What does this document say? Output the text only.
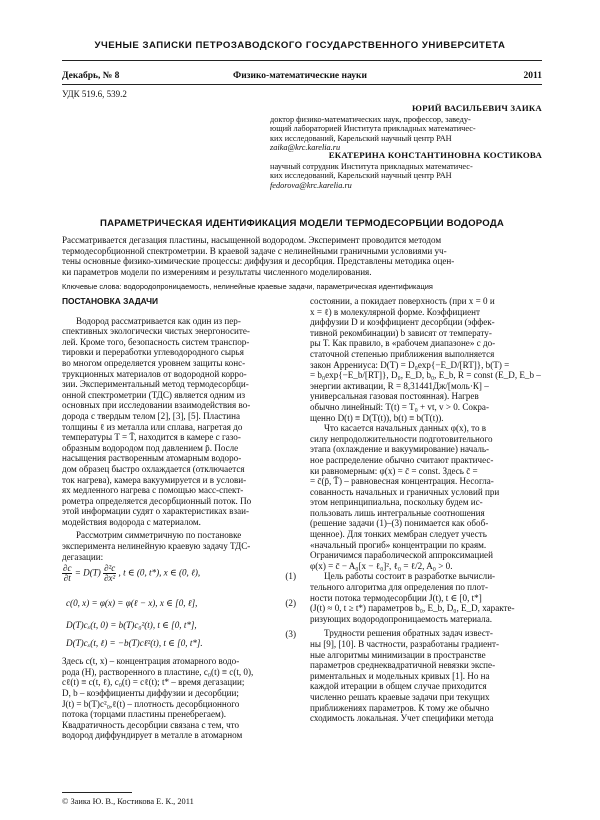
УЧЕНЫЕ ЗАПИСКИ ПЕТРОЗАВОДСКОГО ГОСУДАРСТВЕННОГО УНИВЕРСИТЕТА
Декабрь, № 8	Физико-математические науки	2011
УДК 519.6, 539.2
ЮРИЙ ВАСИЛЬЕВИЧ ЗАИКА
доктор физико-математических наук, профессор, заведу-
ющий лабораторией Института прикладных математичес-
ких исследований, Карельский научный центр РАН
zaika@krc.karelia.ru
ЕКАТЕРИНА КОНСТАНТИНОВНА КОСТИКОВА
научный сотрудник Института прикладных математичес-
ких исследований, Карельский научный центр РАН
fedorova@krc.karelia.ru
ПАРАМЕТРИЧЕСКАЯ ИДЕНТИФИКАЦИЯ МОДЕЛИ ТЕРМОДЕСОРБЦИИ ВОДОРОДА
Рассматривается дегазация пластины, насыщенной водородом. Эксперимент проводится методом
термодесорбционной спектрометрии. В краевой задаче с нелинейными граничными условиями уч-
тены основные физико-химические процессы: диффузия и десорбция. Представлены методика оцен-
ки параметров модели по измерениям и результаты численного моделирования.
Ключевые слова: водородопроницаемость, нелинейные краевые задачи, параметрическая идентификация
ПОСТАНОВКА ЗАДАЧИ
Водород рассматривается как один из пер-
спективных экологически чистых энергоносите-
лей. Кроме того, безопасность систем транспор-
тировки и переработки углеводородного сырья
во многом определяется уровнем защиты конс-
трукционных материалов от водородной корро-
зии. Экспериментальный метод термодесорбци-
онной спектрометрии (ТДС) является одним из
основных при исследовании взаимодействия во-
дорода с твердым телом [2], [3], [5]. Пластина
толщины ℓ из металла или сплава, нагретая до
температуры T = T̄, находится в камере с газо-
образным водородом под давлением p̄. После
насыщения растворенным атомарным водоро-
дом образец быстро охлаждается (отключается
ток нагрева), камера вакуумируется и в услови-
ях медленного нагрева с помощью масс-спект-
рометра определяется десорбционный поток. По
этой информации судят о характеристиках взаи-
модействия водорода с материалом.
Рассмотрим симметричную по постановке
эксперимента нелинейную краевую задачу ТДС-
дегазации:
$\frac{\partial c}{\partial t} = D(T) \frac{\text{∂²c}}{\text{∂x²}}$ , t ∈ (0, t*), x ∈ (0, ℓ),	(1)
c(0, x) = φ(x) = φ(ℓ − x), x ∈ [0, ℓ],	(2)
D(T)cₓ(t, 0) = b(T)c₀²(t), t ∈ [0, t*],
D(T)cₓ(t, ℓ) = −b(T)cℓ²(t), t ∈ [0, t*].
(3)
Здесь c(t, x) – концентрация атомарного водо-
рода (H), растворенного в пластине, c₀(t) ≡ c(t, 0),
cℓ(t) ≡ c(t, ℓ), c₀(t) = cℓ(t); t* – время дегазации;
D, b – коэффициенты диффузии и десорбции;
J(t) = b(T)c²₀,ℓ(t) – плотность десорбционного
потока (торцами пластины пренебрегаем).
Квадратичность десорбции связана с тем, что
водород диффундирует в металле в атомарном
состоянии, а покидает поверхность (при x = 0 и
x = ℓ) в молекулярной форме. Коэффициент
диффузии D и коэффициент десорбции (эффек-
тивной рекомбинации) b зависят от температу-
ры T. Как правило, в «рабочем диапазоне» с до-
статочной степенью приближения выполняется
закон Аррениуса: D(T) = D₀exp{−E_D/[RT]}, b(T) =
= b₀exp{−E_b/[RT]}, D₀, E_D, b₀, E_b, R = const (E_D, E_b –
энергии активации, R = 8,31441Дж/[моль·К] –
универсальная газовая постоянная). Нагрев
обычно линейный: T(t) = T₀ + vt, v > 0. Сокра-
щенно D(t) ≡ D(T(t)), b(t) ≡ b(T(t)).
Что касается начальных данных φ(x), то в
силу непродолжительности подготовительного
этапа (охлаждение и вакуумирование) началь-
ное распределение обычно считают практичес-
ки равномерным: φ(x) = c̄ = const. Здесь c̄ =
= c̄(p̄, T̄) – равновесная концентрация. Несогла-
сованность начальных и граничных условий при
этом непринципиальна, поскольку будем ис-
пользовать лишь интегральные соотношения
(решение задачи (1)–(3) понимается как обоб-
щенное). Для тонких мембран следует учесть
«начальный прогиб» концентрации по краям.
Ограничимся параболической аппроксимацией
φ(x) = c̄ − A₀[x − ℓ₀]², ℓ₀ = ℓ/2, A₀ > 0.
Цель работы состоит в разработке вычисли-
тельного алгоритма для определения по плот-
ности потока термодесорбции J(t), t ∈ [0, t*]
(J(t) ≈ 0, t ≥ t*) параметров b₀, E_b, D₀, E_D, характе-
ризующих водородопроницаемость материала.
Трудности решения обратных задач извест-
ны [9], [10]. В частности, разработаны градиент-
ные алгоритмы минимизации в пространстве
параметров среднеквадратичной невязки экспе-
риментальных и модельных кривых [1]. Но на
каждой итерации в общем случае приходится
численно решать краевые задачи при текущих
приближениях параметров. К тому же обычно
сходимость локальная. Учет специфики метода
© Заика Ю. В., Костикова Е. К., 2011
